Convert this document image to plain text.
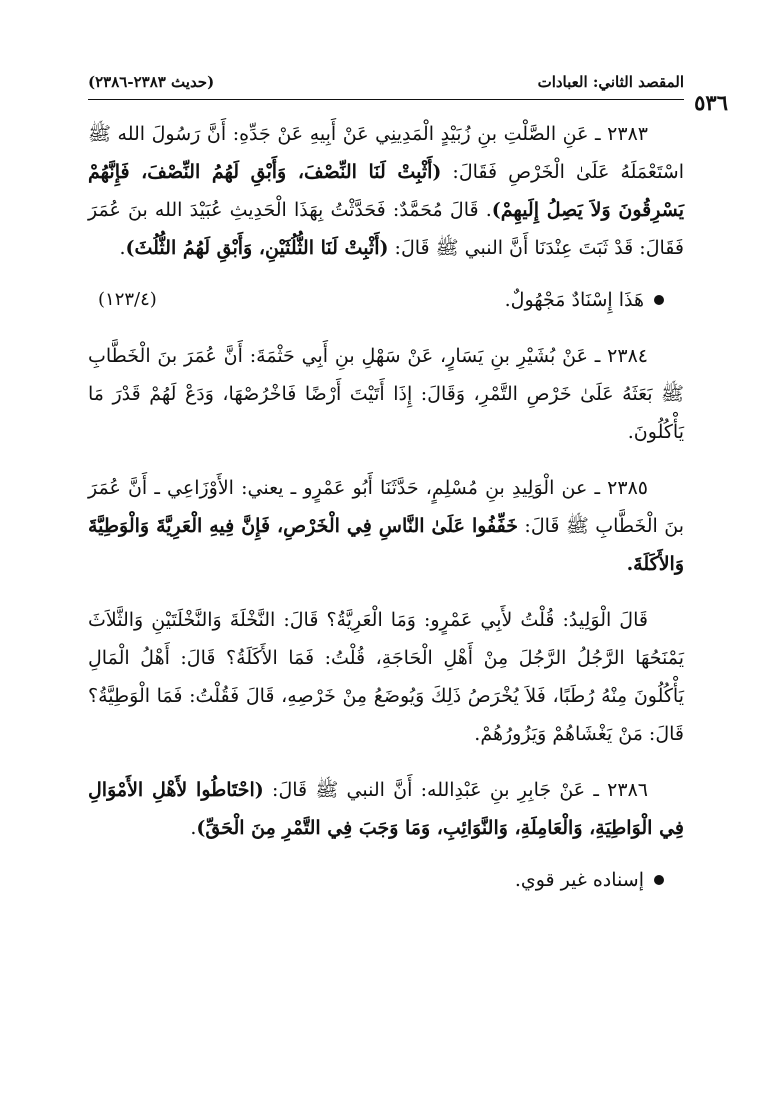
٥٣٦
المقصد الثاني: العبادات
(حديث ٢٣٨٣-٢٣٨٦)

٢٣٨٣ ـ عَنِ الصَّلْتِ بنِ زُبَيْدٍ الْمَدِينِي عَنْ أَبِيهِ عَنْ جَدِّهِ: أَنَّ رَسُولَ الله ﷺ اسْتَعْمَلَهُ عَلَىٰ الْخَرْصِ فَقَالَ: (أَثْبِتْ لَنَا النِّصْفَ، وَأَبْقِ لَهُمُ النِّصْفَ، فَإِنَّهُمْ يَسْرِقُونَ وَلاَ يَصِلُ إِلَيهِمْ). قَالَ مُحَمَّدٌ: فَحَدَّثْتُ بِهَذَا الْحَدِيثِ عُبَيْدَ الله بنَ عُمَرَ فَقَالَ: قَدْ ثَبَتَ عِنْدَنَا أَنَّ النبي ﷺ قَالَ: (أَثْبِتْ لَنَا الثُّلُثَيْنِ، وَأَبْقِ لَهُمُ الثُّلُثَ).

هَذَا إِسْنَادٌ مَجْهُولٌ.
(١٢٣/٤)

٢٣٨٤ ـ عَنْ بُشَيْرِ بنِ يَسَارٍ، عَنْ سَهْلِ بنِ أَبِي حَثْمَةَ: أَنَّ عُمَرَ بنَ الْخَطَّابِ ﷺ بَعَثَهُ عَلَىٰ خَرْصِ التَّمْرِ، وَقَالَ: إِذَا أَتَيْتَ أَرْضًا فَاخْرُصْهَا، وَدَعْ لَهُمْ قَدْرَ مَا يَأْكُلُونَ.

٢٣٨٥ ـ عن الْوَلِيدِ بنِ مُسْلِمٍ، حَدَّثَنَا أَبُو عَمْرٍو ـ يعني: الأَوْزَاعِي ـ أَنَّ عُمَرَ بنَ الْخَطَّابِ ﷺ قَالَ: خَفِّفُوا عَلَىٰ النَّاسِ فِي الْخَرْصِ، فَإِنَّ فِيهِ الْعَرِيَّةَ وَالْوَطِيَّةَ وَالأَكَلَةَ.

قَالَ الْوَلِيدُ: قُلْتُ لأَبِي عَمْرٍو: وَمَا الْعَرِيَّةُ؟ قَالَ: النَّخْلَةَ وَالنَّخْلَتَيْنِ وَالثَّلاَثَ يَمْنَحُهَا الرَّجُلُ الرَّجُلَ مِنْ أَهْلِ الْحَاجَةِ، قُلْتُ: فَمَا الأَكَلَةُ؟ قَالَ: أَهْلُ الْمَالِ يَأْكُلُونَ مِنْهُ رُطَبًا، فَلاَ يُخْرَصُ ذَلِكَ وَيُوضَعُ مِنْ خَرْصِهِ، قَالَ فَقُلْتُ: فَمَا الْوَطِيَّةُ؟ قَالَ: مَنْ يَغْشَاهُمْ وَيَزُورُهُمْ.

٢٣٨٦ ـ عَنْ جَابِرِ بنِ عَبْدِالله: أَنَّ النبي ﷺ قَالَ: (احْتَاطُوا لأَهْلِ الأَمْوَالِ فِي الْوَاطِيَةِ، وَالْعَامِلَةِ، وَالنَّوَائِبِ، وَمَا وَجَبَ فِي التَّمْرِ مِنَ الْحَقِّ).

إسناده غير قوي.
